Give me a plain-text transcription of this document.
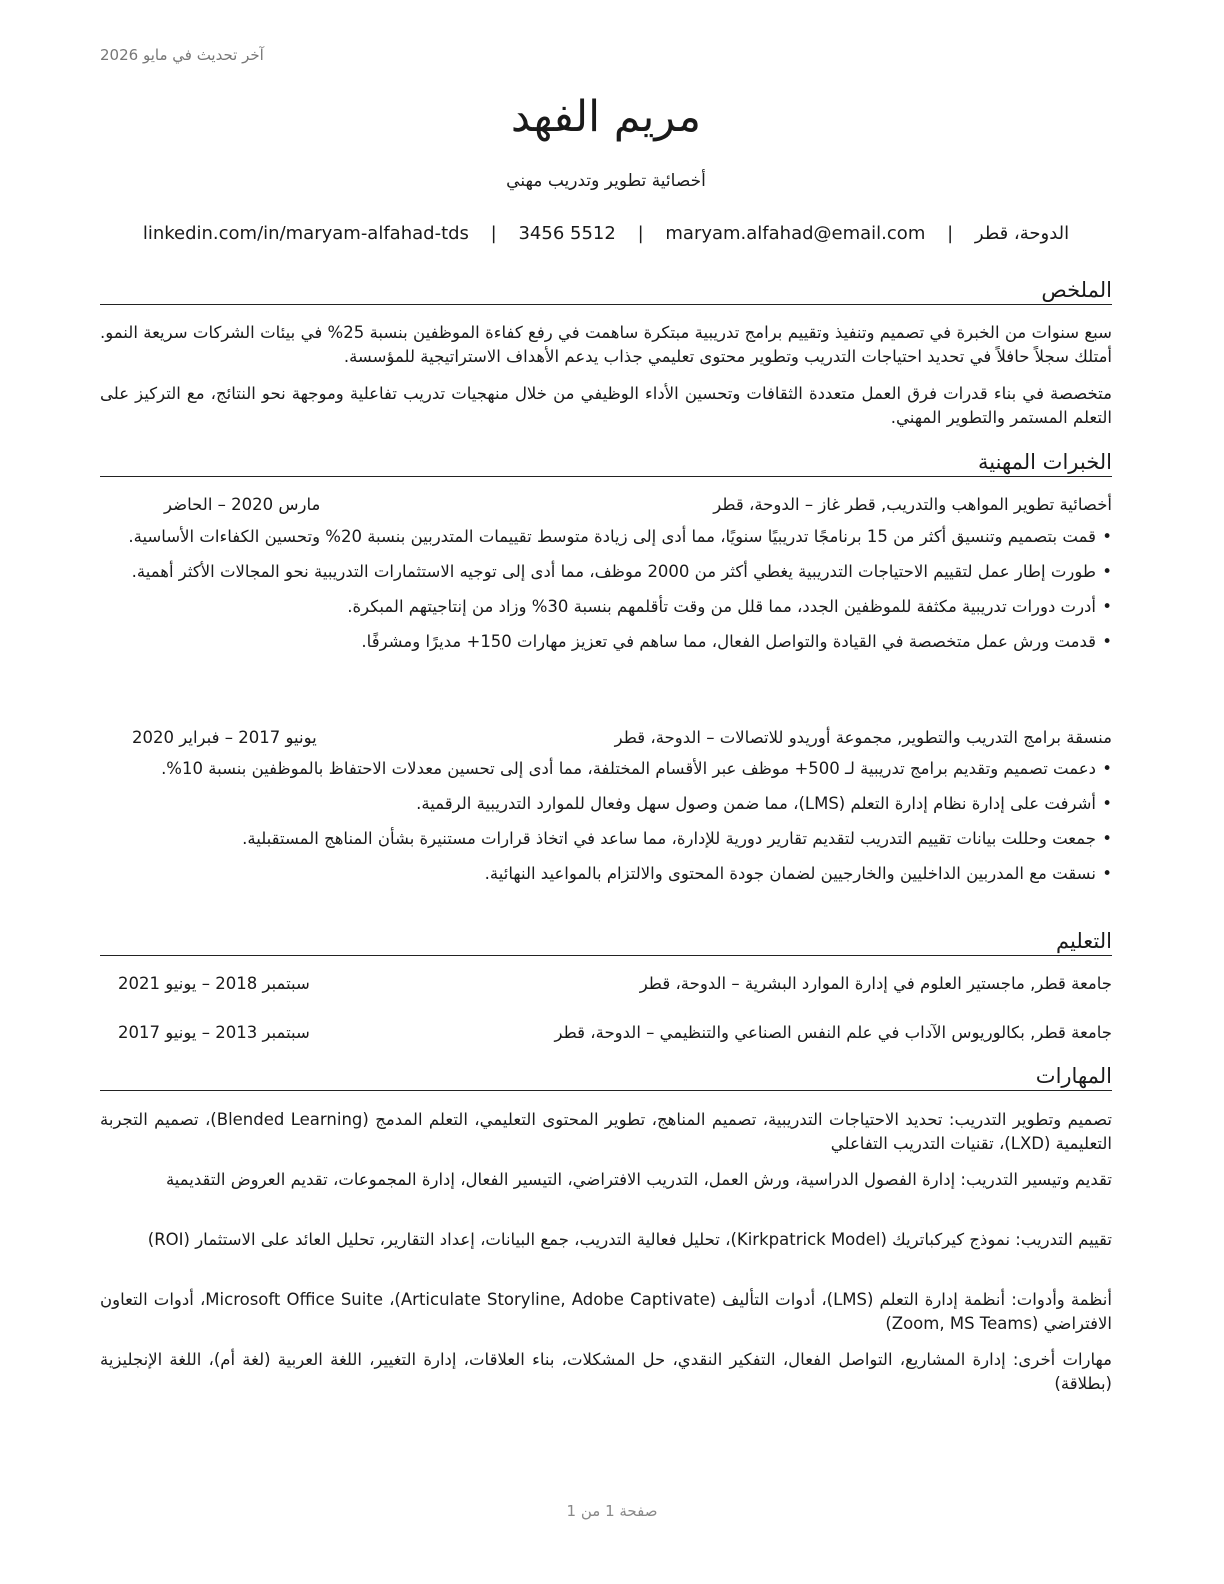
آخر تحديث في مايو 2026
مريم الفهد
أخصائية تطوير وتدريب مهني
الدوحة، قطر | maryam.alfahad@email.com | 3456 5512 | linkedin.com/in/maryam-alfahad-tds
الملخص
سبع سنوات من الخبرة في تصميم وتنفيذ وتقييم برامج تدريبية مبتكرة ساهمت في رفع كفاءة الموظفين بنسبة 25% في بيئات الشركات سريعة النمو. أمتلك سجلاً حافلاً في تحديد احتياجات التدريب وتطوير محتوى تعليمي جذاب يدعم الأهداف الاستراتيجية للمؤسسة.
متخصصة في بناء قدرات فرق العمل متعددة الثقافات وتحسين الأداء الوظيفي من خلال منهجيات تدريب تفاعلية وموجهة نحو النتائج، مع التركيز على التعلم المستمر والتطوير المهني.
الخبرات المهنية
أخصائية تطوير المواهب والتدريب, قطر غاز – الدوحة، قطر
مارس 2020 – الحاضر
• قمت بتصميم وتنسيق أكثر من 15 برنامجًا تدريبيًا سنويًا، مما أدى إلى زيادة متوسط تقييمات المتدربين بنسبة 20% وتحسين الكفاءات الأساسية.
• طورت إطار عمل لتقييم الاحتياجات التدريبية يغطي أكثر من 2000 موظف، مما أدى إلى توجيه الاستثمارات التدريبية نحو المجالات الأكثر أهمية.
• أدرت دورات تدريبية مكثفة للموظفين الجدد، مما قلل من وقت تأقلمهم بنسبة 30% وزاد من إنتاجيتهم المبكرة.
• قدمت ورش عمل متخصصة في القيادة والتواصل الفعال، مما ساهم في تعزيز مهارات 150+ مديرًا ومشرفًا.
منسقة برامج التدريب والتطوير, مجموعة أوريدو للاتصالات – الدوحة، قطر
يونيو 2017 – فبراير 2020
• دعمت تصميم وتقديم برامج تدريبية لـ 500+ موظف عبر الأقسام المختلفة، مما أدى إلى تحسين معدلات الاحتفاظ بالموظفين بنسبة 10%.
• أشرفت على إدارة نظام إدارة التعلم (LMS)، مما ضمن وصول سهل وفعال للموارد التدريبية الرقمية.
• جمعت وحللت بيانات تقييم التدريب لتقديم تقارير دورية للإدارة، مما ساعد في اتخاذ قرارات مستنيرة بشأن المناهج المستقبلية.
• نسقت مع المدربين الداخليين والخارجيين لضمان جودة المحتوى والالتزام بالمواعيد النهائية.
التعليم
جامعة قطر, ماجستير العلوم في إدارة الموارد البشرية – الدوحة، قطر
سبتمبر 2018 – يونيو 2021
جامعة قطر, بكالوريوس الآداب في علم النفس الصناعي والتنظيمي – الدوحة، قطر
سبتمبر 2013 – يونيو 2017
المهارات
تصميم وتطوير التدريب: تحديد الاحتياجات التدريبية، تصميم المناهج، تطوير المحتوى التعليمي، التعلم المدمج (Blended Learning)، تصميم التجربة التعليمية (LXD)، تقنيات التدريب التفاعلي
تقديم وتيسير التدريب: إدارة الفصول الدراسية، ورش العمل، التدريب الافتراضي، التيسير الفعال، إدارة المجموعات، تقديم العروض التقديمية
تقييم التدريب: نموذج كيركباتريك (Kirkpatrick Model)، تحليل فعالية التدريب، جمع البيانات، إعداد التقارير، تحليل العائد على الاستثمار (ROI)
أنظمة وأدوات: أنظمة إدارة التعلم (LMS)، أدوات التأليف (Articulate Storyline, Adobe Captivate)، Microsoft Office Suite، أدوات التعاون الافتراضي (Zoom, MS Teams)
مهارات أخرى: إدارة المشاريع، التواصل الفعال، التفكير النقدي، حل المشكلات، بناء العلاقات، إدارة التغيير، اللغة العربية (لغة أم)، اللغة الإنجليزية (بطلاقة)
صفحة 1 من 1
